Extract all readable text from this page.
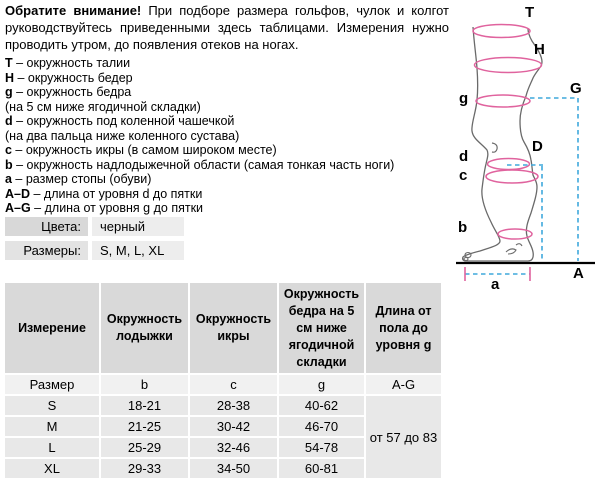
Обратите внимание! При подборе размера гольфов, чулок и колгот руководствуйтесь приведенными здесь таблицами. Измерения нужно проводить утром, до появления отеков на ногах.

T – окружность талии
H – окружность бедер
g – окружность бедра
(на 5 см ниже ягодичной складки)
d – окружность под коленной чашечкой
(на два пальца ниже коленного сустава)
c – окружность икры (в самом широком месте)
b – окружность надлодыжечной области (самая тонкая часть ноги)
a – размер стопы (обуви)
A–D – длина от уровня d до пятки
A–G – длина от уровня g до пятки
Цвета:	черный
Размеры:	S, M, L, XL
Измерение	Окружность лодыжки	Окружность икры	Окружность бедра на 5 см ниже ягодичной складки	Длина от пола до уровня g
Размер	b	c	g	A-G
S	18-21	28-38	40-62	от 57 до 83
M	21-25	30-42	46-70	
L	25-29	32-46	54-78	
XL	29-33	34-50	60-81	
T
H
G
g
d
D
c
b
a
A
